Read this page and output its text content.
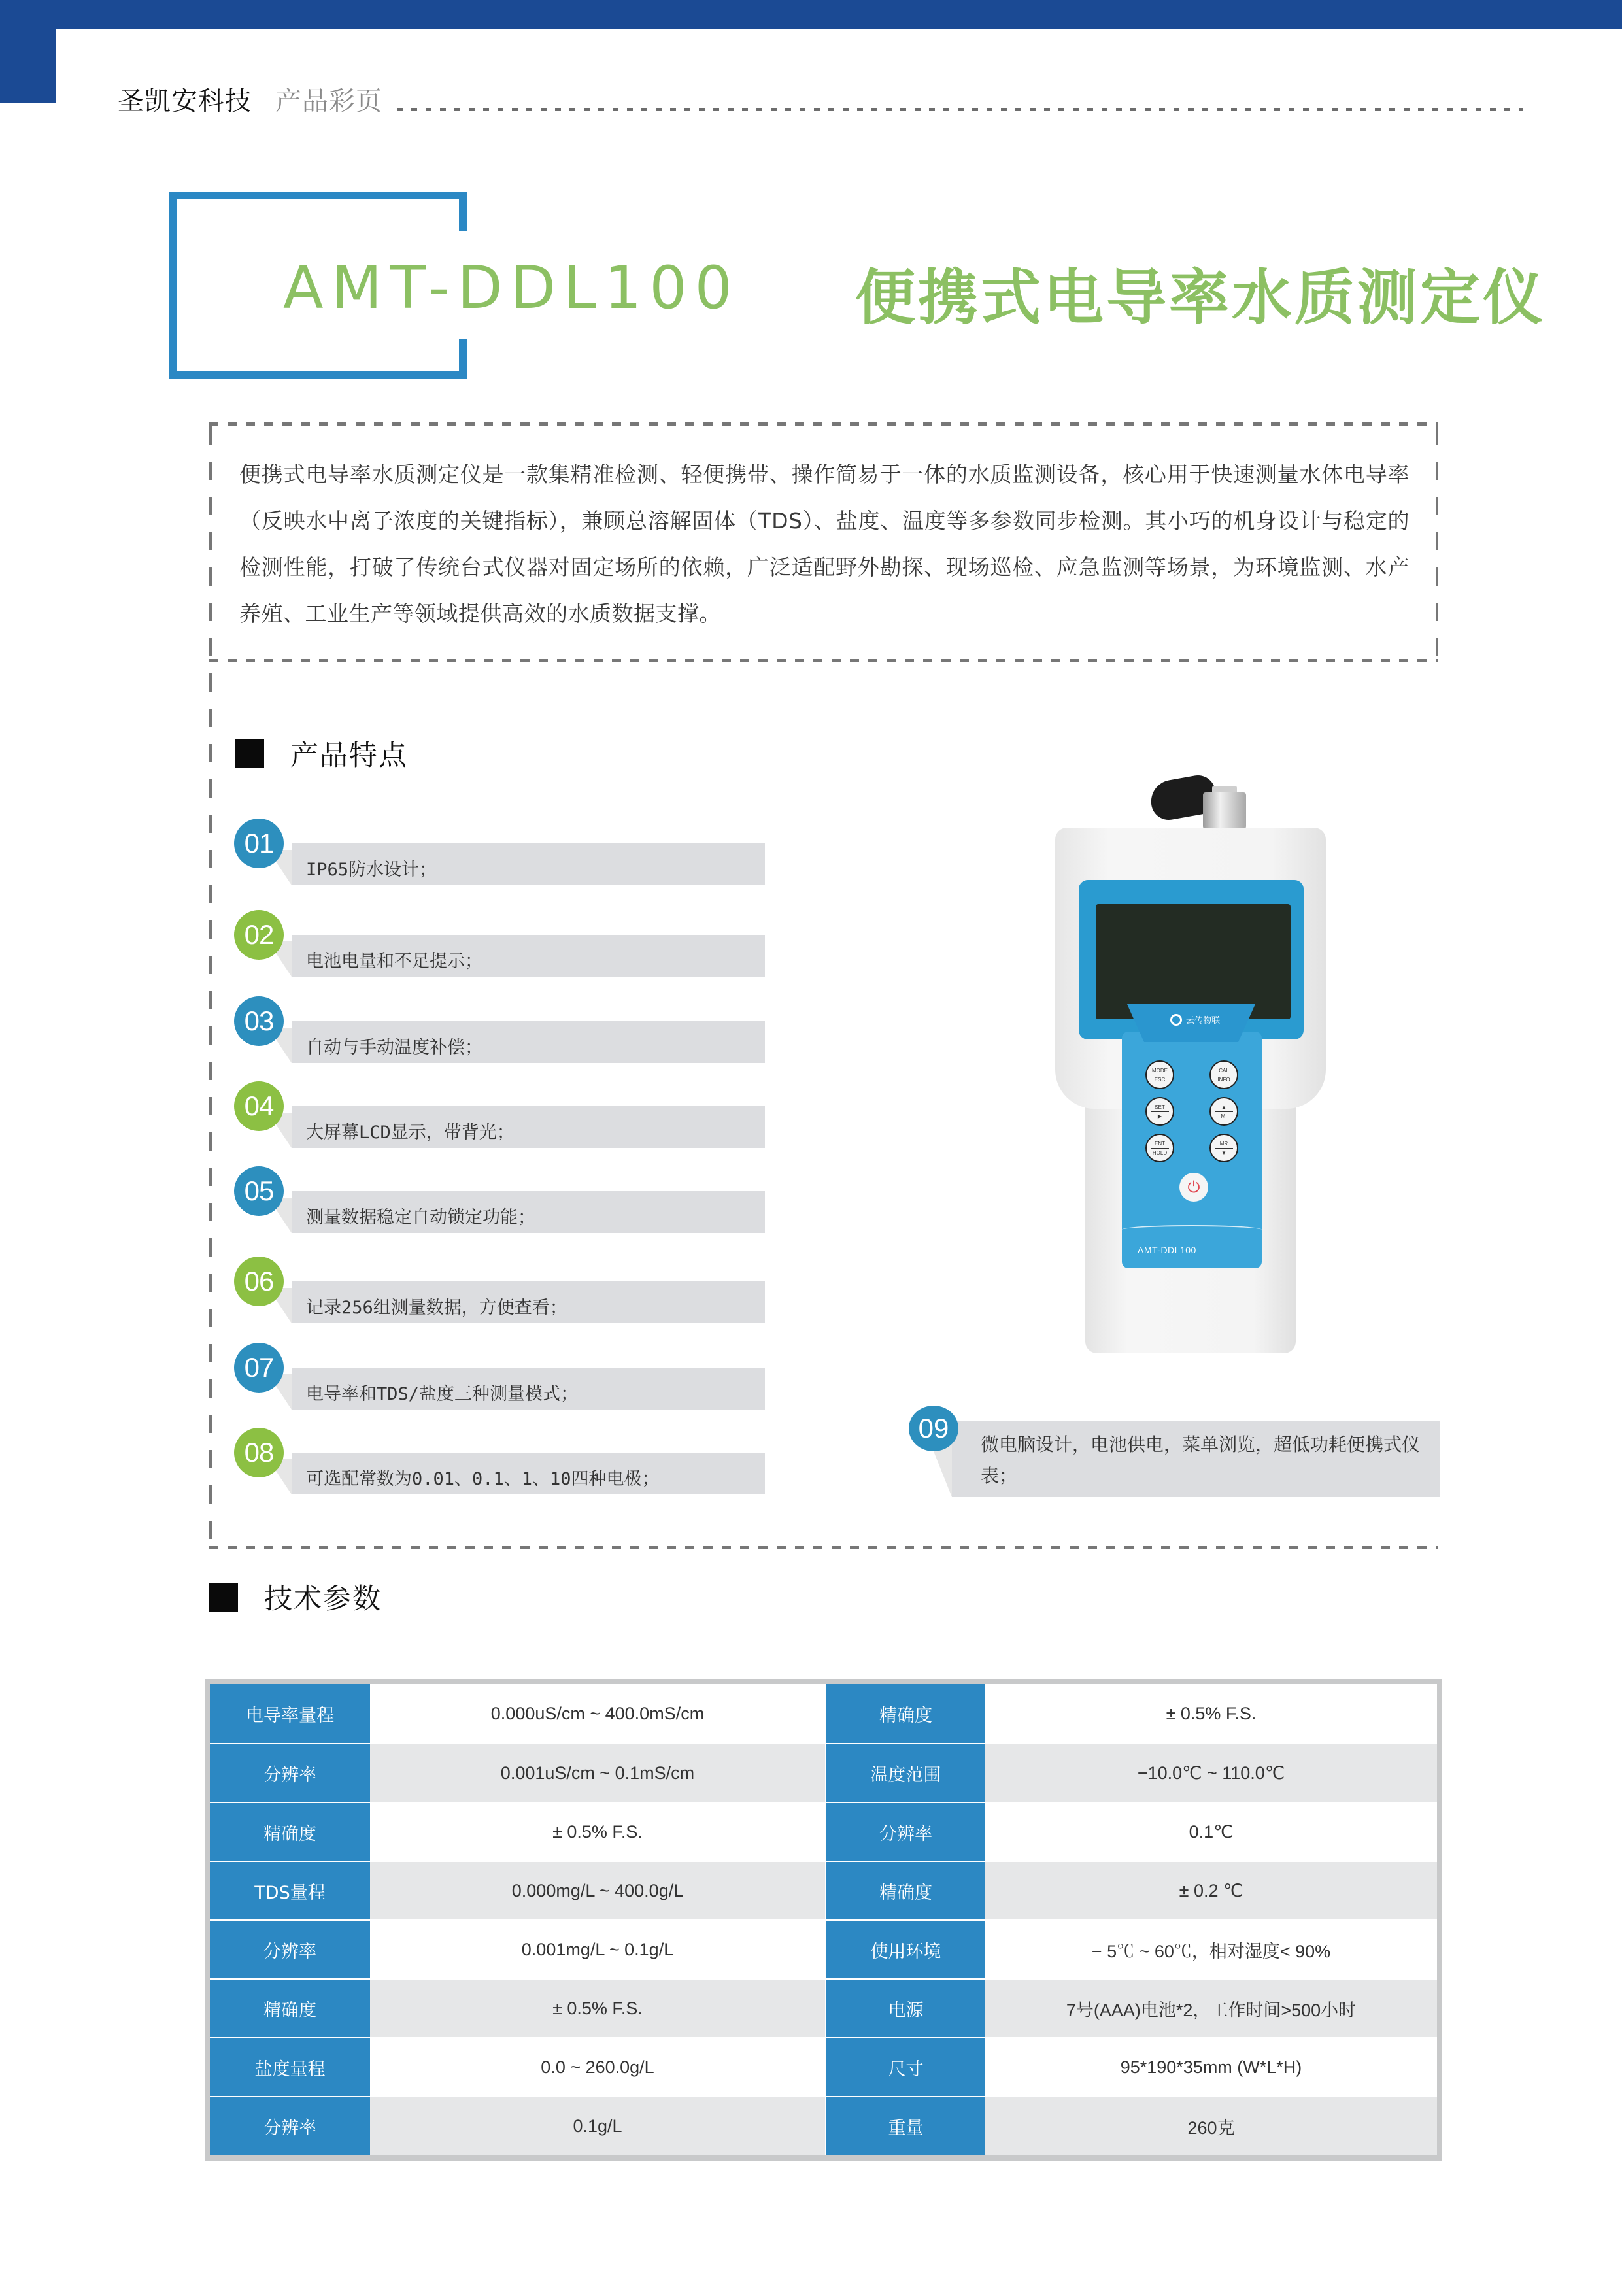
圣凯安科技 产品彩页
AMT-DDL100 便携式电导率水质测定仪

便携式电导率水质测定仪是一款集精准检测、轻便携带、操作简易于一体的水质监测设备，核心用于快速测量水体电导率（反映水中离子浓度的关键指标），兼顾总溶解固体（TDS）、盐度、温度等多参数同步检测。其小巧的机身设计与稳定的检测性能，打破了传统台式仪器对固定场所的依赖，广泛适配野外勘探、现场巡检、应急监测等场景，为环境监测、水产养殖、工业生产等领域提供高效的水质数据支撑。

产品特点
01
IP65防水设计；
02
电池电量和不足提示；
03
自动与手动温度补偿；
04
大屏幕LCD显示，带背光；
05
测量数据稳定自动锁定功能；
06
记录256组测量数据，方便查看；
07
电导率和TDS/盐度三种测量模式；
08
可选配常数为0.01、0.1、1、10四种电极；
09
微电脑设计，电池供电，菜单浏览，超低功耗便携式仪表；
MODE
ESC
CAL
INFO
SET
▶
▲
MI
ENT
HOLD
MR
▼
⏻
AMT-DDL100
云传物联
技术参数
电导率量程	0.000uS/cm ~ 400.0mS/cm	精确度	± 0.5% F.S.
分辨率	0.001uS/cm ~ 0.1mS/cm	温度范围	−10.0℃ ~ 110.0℃
精确度	± 0.5% F.S.	分辨率	0.1℃
TDS量程	0.000mg/L ~ 400.0g/L	精确度	± 0.2 ℃
分辨率	0.001mg/L ~ 0.1g/L	使用环境	− 5℃ ~ 60℃，相对湿度< 90%
精确度	± 0.5% F.S.	电源	7号(AAA)电池*2，工作时间>500小时
盐度量程	0.0 ~ 260.0g/L	尺寸	95*190*35mm (W*L*H)
分辨率	0.1g/L	重量	260克
